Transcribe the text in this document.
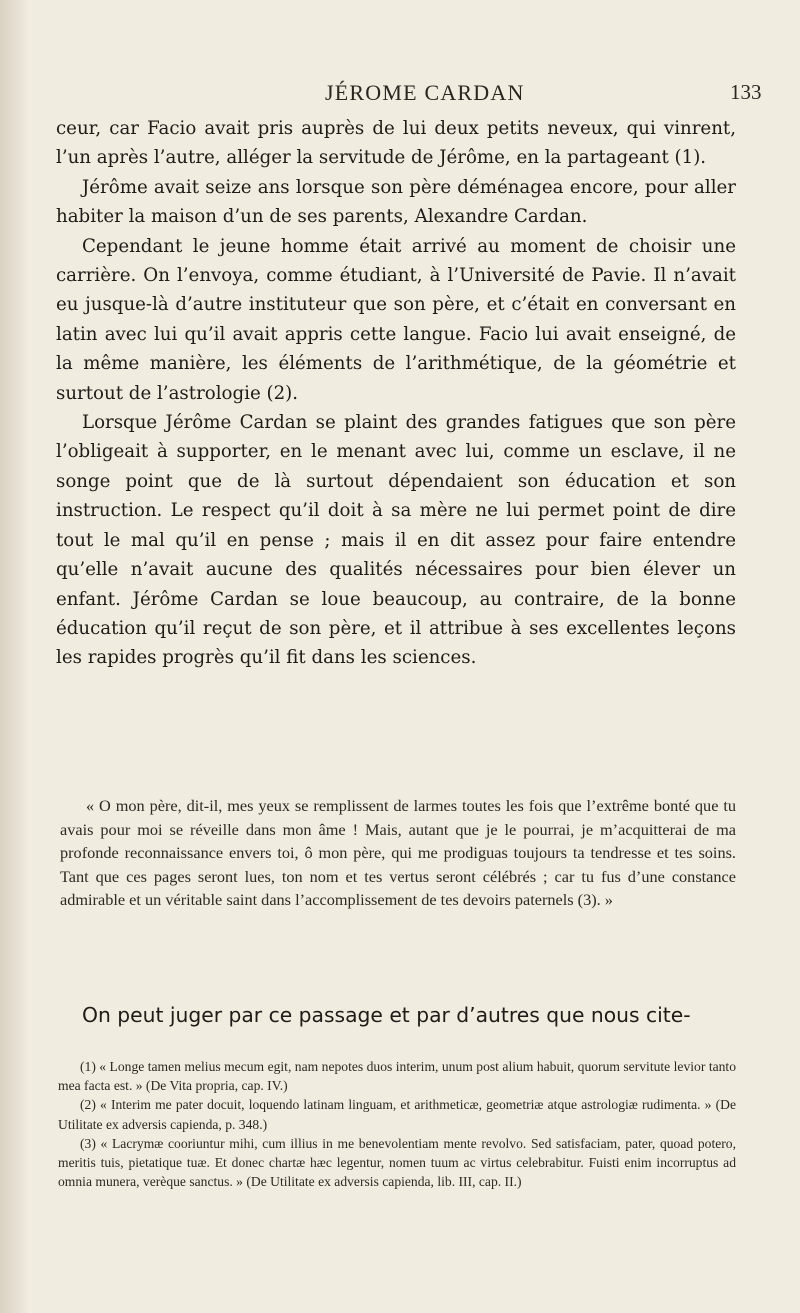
JÉROME CARDAN	133

ceur, car Facio avait pris auprès de lui deux petits neveux, qui vinrent, l’un après l’autre, alléger la servitude de Jérôme, en la partageant (1).

Jérôme avait seize ans lorsque son père déménagea encore, pour aller habiter la maison d’un de ses parents, Alexandre Cardan.

Cependant le jeune homme était arrivé au moment de choisir une carrière. On l’envoya, comme étudiant, à l’Université de Pavie. Il n’avait eu jusque-là d’autre instituteur que son père, et c’était en conversant en latin avec lui qu’il avait appris cette langue. Facio lui avait enseigné, de la même manière, les éléments de l’arithmétique, de la géométrie et surtout de l’astrologie (2).

Lorsque Jérôme Cardan se plaint des grandes fatigues que son père l’obligeait à supporter, en le menant avec lui, comme un esclave, il ne songe point que de là surtout dépendaient son éducation et son instruction. Le respect qu’il doit à sa mère ne lui permet point de dire tout le mal qu’il en pense ; mais il en dit assez pour faire entendre qu’elle n’avait aucune des qualités nécessaires pour bien élever un enfant. Jérôme Cardan se loue beaucoup, au contraire, de la bonne éducation qu’il reçut de son père, et il attribue à ses excellentes leçons les rapides progrès qu’il fit dans les sciences.

« O mon père, dit-il, mes yeux se remplissent de larmes toutes les fois que l’extrême bonté que tu avais pour moi se réveille dans mon âme ! Mais, autant que je le pourrai, je m’acquitterai de ma profonde reconnaissance envers toi, ô mon père, qui me prodiguas toujours ta tendresse et tes soins. Tant que ces pages seront lues, ton nom et tes vertus seront célébrés ; car tu fus d’une constance admirable et un véritable saint dans l’accomplissement de tes devoirs paternels (3). »

On peut juger par ce passage et par d’autres que nous cite-

(1) « Longe tamen melius mecum egit, nam nepotes duos interim, unum post alium habuit, quorum servitute levior tanto mea facta est. » (De Vita propria, cap. IV.)

(2) « Interim me pater docuit, loquendo latinam linguam, et arithmeticæ, geometriæ atque astrologiæ rudimenta. » (De Utilitate ex adversis capienda, p. 348.)

(3) « Lacrymæ cooriuntur mihi, cum illius in me benevolentiam mente revolvo. Sed satisfaciam, pater, quoad potero, meritis tuis, pietatique tuæ. Et donec chartæ hæc legentur, nomen tuum ac virtus celebrabitur. Fuisti enim incorruptus ad omnia munera, verèque sanctus. » (De Utilitate ex adversis capienda, lib. III, cap. II.)
